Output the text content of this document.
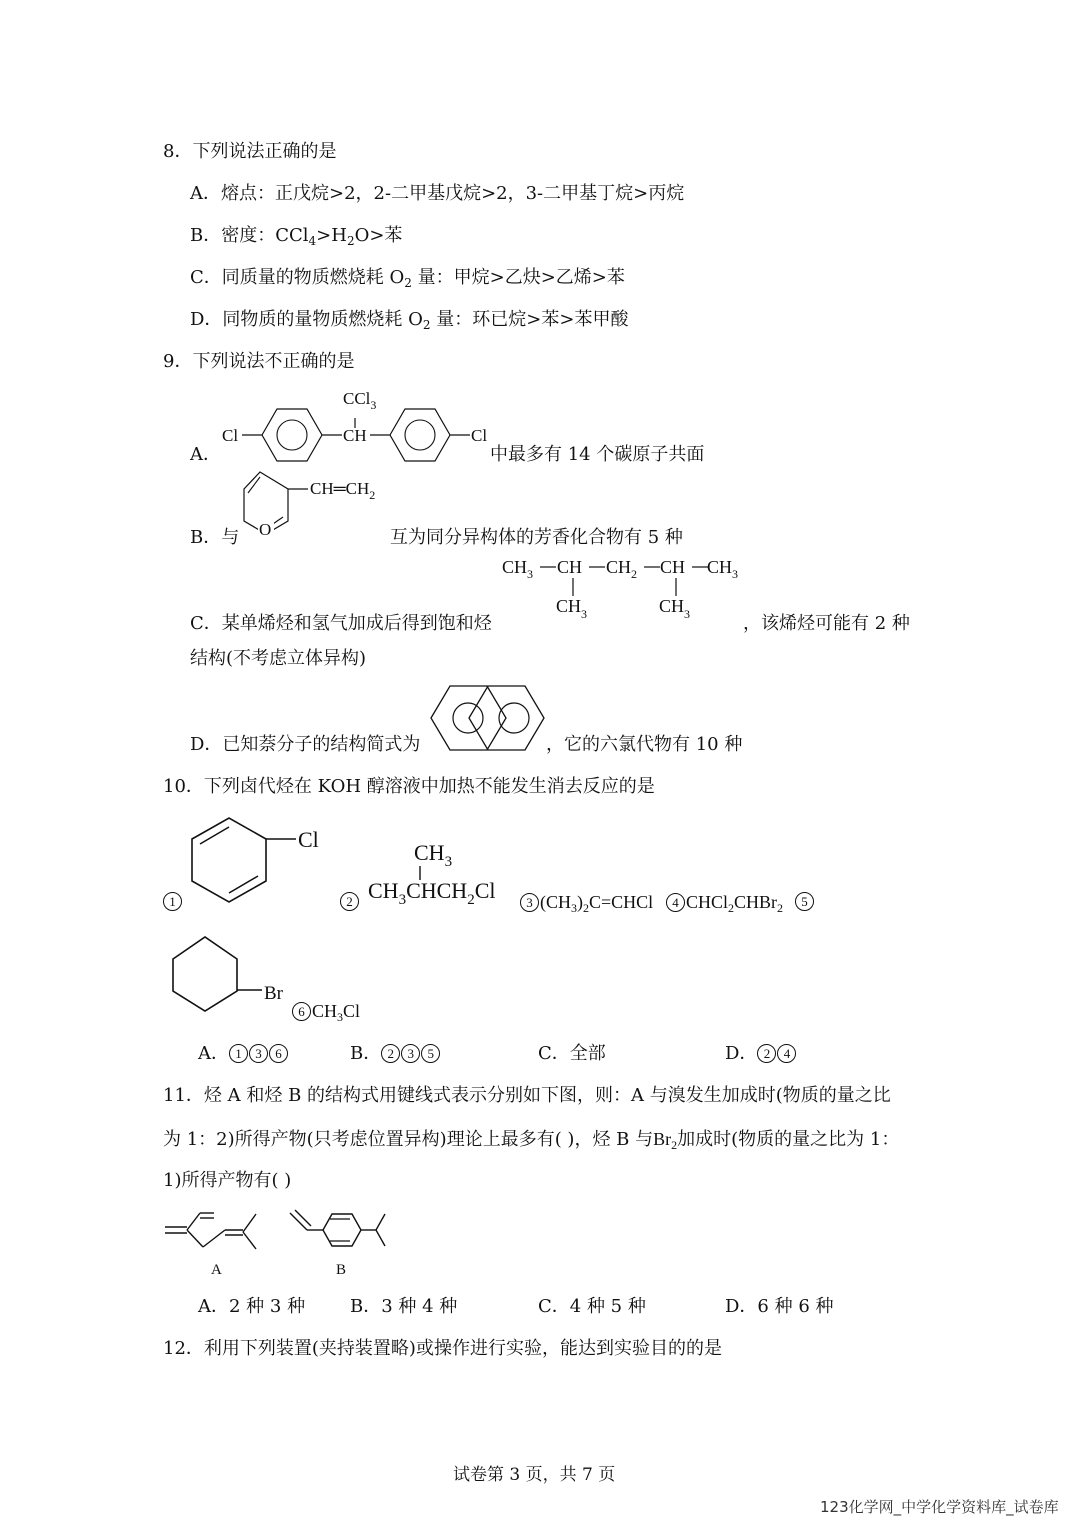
8．下列说法正确的是
A．熔点：正戊烷>2，2-二甲基戊烷>2，3-二甲基丁烷>丙烷
B．密度：$CCl_4>H_2O>$苯
C．同质量的物质燃烧耗 $O_2$ 量：甲烷>乙炔>乙烯>苯
D．同物质的量物质燃烧耗 $O_2$ 量：环已烷>苯>苯甲酸
9．下列说法不正确的是
A．
Cl	CH
CCl$_3$
Cl
中最多有 14 个碳原子共面
B．与 O
$CH═CH_2$
互为同分异构体的芳香化合物有 5 种
$CH_3$ CH $CH_2$ CH $CH_3$
$CH_3$	$CH_3$
C．某单烯烃和氢气加成后得到饱和烃	，该烯烃可能有 2 种
结构(不考虑立体异构)
D．已知萘分子的结构简式为	，它的六氯代物有 10 种
10．下列卤代烃在 KOH 醇溶液中加热不能发生消去反应的是
Cl
1	2
$CH_3$
$CH_3CHCH_2Cl$	3 $(CH_3)_2C=CHCl$	4 CHCl$_2$CHBr$_2$	5
Br
6 $CH_3Cl$
A． 1 3 6	B． 2 3 5	C．全部	D． 2 4
11．烃 A 和烃 B 的结构式用键线式表示分别如下图，则：A 与溴发生加成时(物质的量之比
为 1：2)所得产物(只考虑位置异构)理论上最多有( )，烃 B 与$Br_2$加成时(物质的量之比为 1：
1)所得产物有( )
A	B
A．2 种 3 种 B．3 种 4 种	C．4 种 5 种	D．6 种 6 种
12．利用下列装置(夹持装置略)或操作进行实验，能达到实验目的的是
试卷第 3 页，共 7 页
123化学网_中学化学资料库_试卷库
